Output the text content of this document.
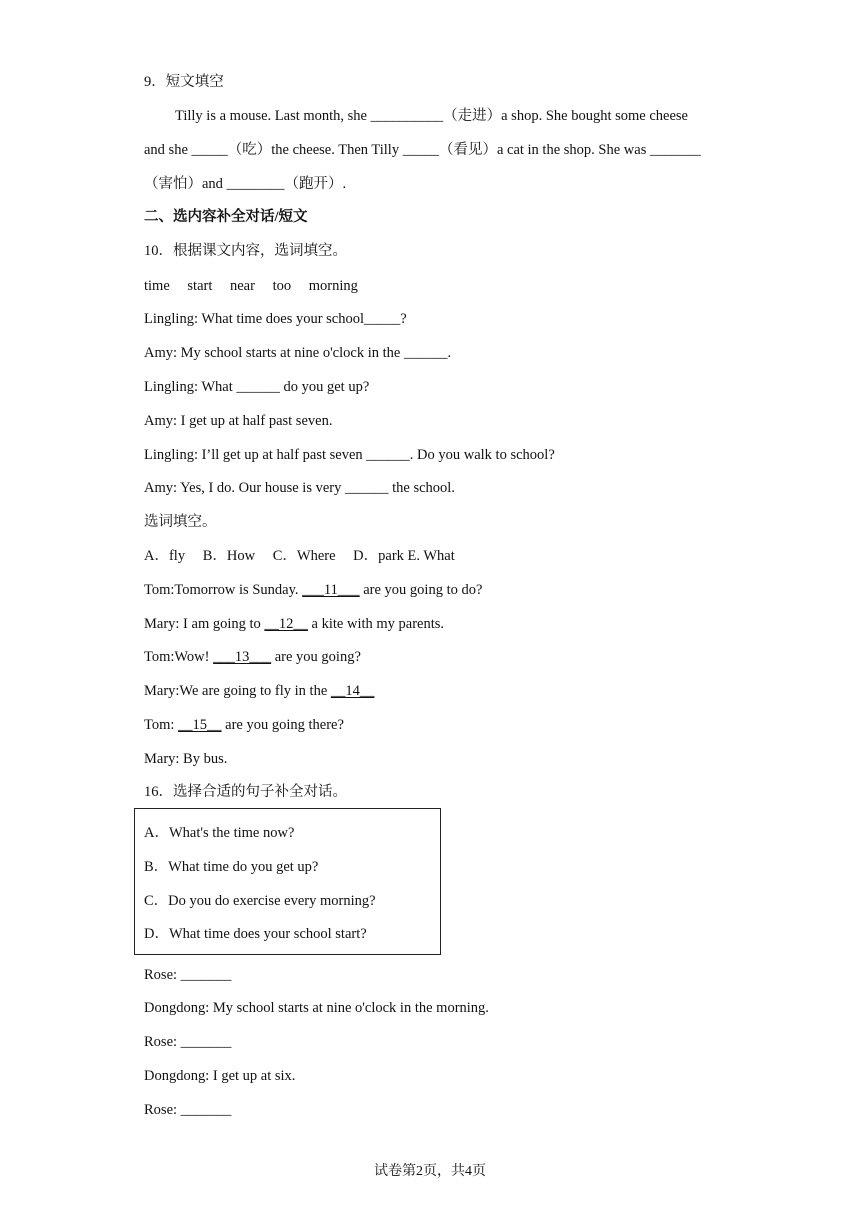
9．短文填空
Tilly is a mouse. Last month, she __________（走进）a shop. She bought some cheese
and she _____（吃）the cheese. Then Tilly _____（看见）a cat in the shop. She was _______
（害怕）and ________（跑开）.
二、选内容补全对话/短文
10．根据课文内容，选词填空。
time start near too morning
Lingling: What time does your school_____?
Amy: My school starts at nine o'clock in the ______.
Lingling: What ______ do you get up?
Amy: I get up at half past seven.
Lingling: I’ll get up at half past seven ______. Do you walk to school?
Amy: Yes, I do. Our house is very ______ the school.
选词填空。
A．fly B．How C．Where D．park E. What
Tom:Tomorrow is Sunday. ___11___ are you going to do?
Mary: I am going to __12__ a kite with my parents.
Tom:Wow! ___13___ are you going?
Mary:We are going to fly in the __14__
Tom: __15__ are you going there?
Mary: By bus.
16．选择合适的句子补全对话。
A．What's the time now?
B．What time do you get up?
C．Do you do exercise every morning?
D．What time does your school start?
Rose: _______
Dongdong: My school starts at nine o'clock in the morning.
Rose: _______
Dongdong: I get up at six.
Rose: _______
试卷第2页，共4页
